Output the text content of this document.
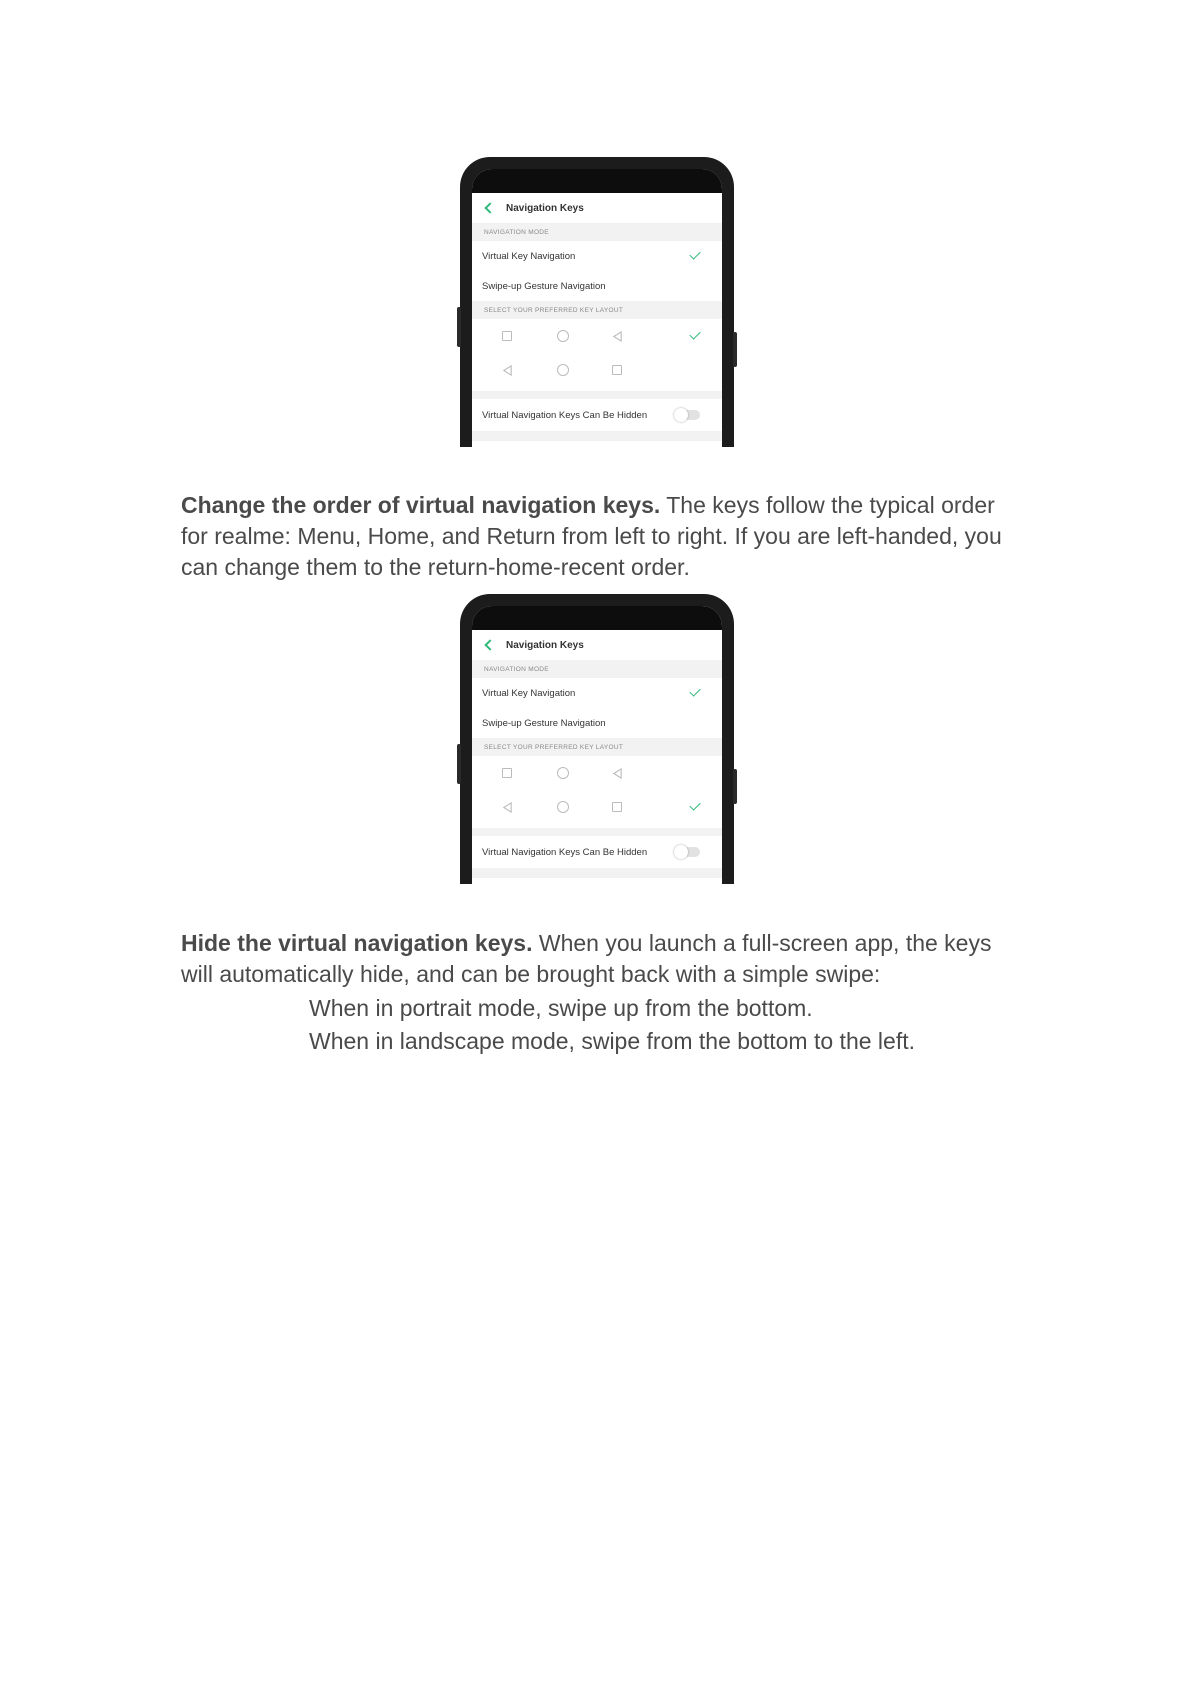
Navigation Keys
NAVIGATION MODE
Virtual Key Navigation
Swipe-up Gesture Navigation
SELECT YOUR PREFERRED KEY LAYOUT
Virtual Navigation Keys Can Be Hidden
Change the order of virtual navigation keys. The keys follow the typical order for realme: Menu, Home, and Return from left to right. If you are left-handed, you can change them to the return-home-recent order.
Navigation Keys
NAVIGATION MODE
Virtual Key Navigation
Swipe-up Gesture Navigation
SELECT YOUR PREFERRED KEY LAYOUT
Virtual Navigation Keys Can Be Hidden
Hide the virtual navigation keys. When you launch a full-screen app, the keys will automatically hide, and can be brought back with a simple swipe:
When in portrait mode, swipe up from the bottom.
When in landscape mode, swipe from the bottom to the left.
